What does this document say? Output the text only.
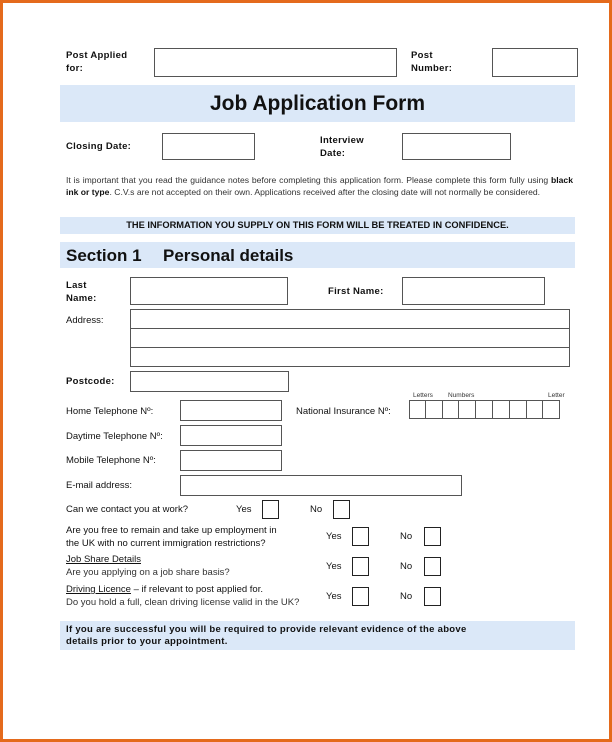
Post Applied
for:
Post
Number:
Job Application Form
Closing Date:
Interview
Date:
It is important that you read the guidance notes before completing this application form. Please complete this form fully using black ink or type. C.V.s are not accepted on their own. Applications received after the closing date will not normally be considered.
THE INFORMATION YOU SUPPLY ON THIS FORM WILL BE TREATED IN CONFIDENCE.
Section 1 Personal details
Last
Name:
First Name:
Address:
Postcode:
Home Telephone Nº:	National Insurance Nº:
Letters Numbers	Letter
Daytime Telephone Nº:
Mobile Telephone Nº:
E-mail address:
Can we contact you at work?	Yes	No
Are you free to remain and take up employment in
the UK with no current immigration restrictions?
Yes	No
Job Share Details
Are you applying on a job share basis?
Yes	No
Driving Licence – if relevant to post applied for.
Do you hold a full, clean driving license valid in the UK?
Yes	No
If you are successful you will be required to provide relevant evidence of the above
details prior to your appointment.
